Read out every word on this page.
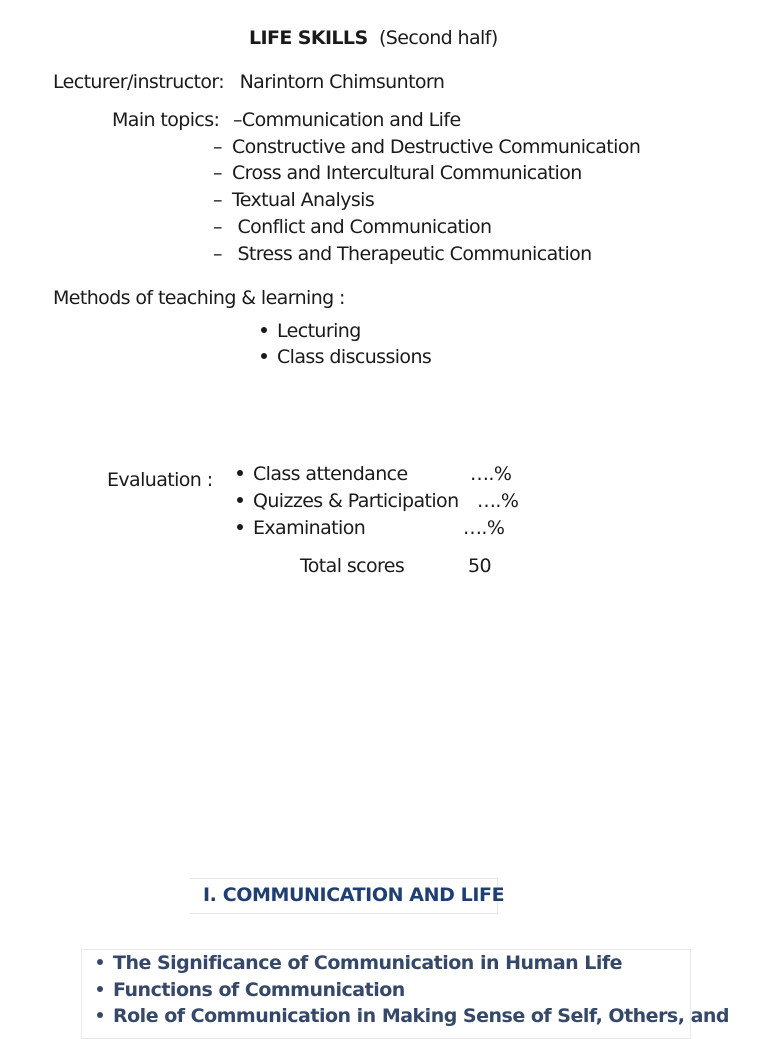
LIFE SKILLS (Second half)
Lecturer/instructor: Narintorn Chimsuntorn
Main topics: –Communication and Life
– Constructive and Destructive Communication
– Cross and Intercultural Communication
– Textual Analysis
– Conflict and Communication
– Stress and Therapeutic Communication
Methods of teaching & learning :
Lecturing
Class discussions
Evaluation :	Class attendance	….%
Quizzes & Participation ….%
Examination	….%
Total scores	50
I. COMMUNICATION AND LIFE
The Significance of Communication in Human Life
Functions of Communication
Role of Communication in Making Sense of Self, Others, and
